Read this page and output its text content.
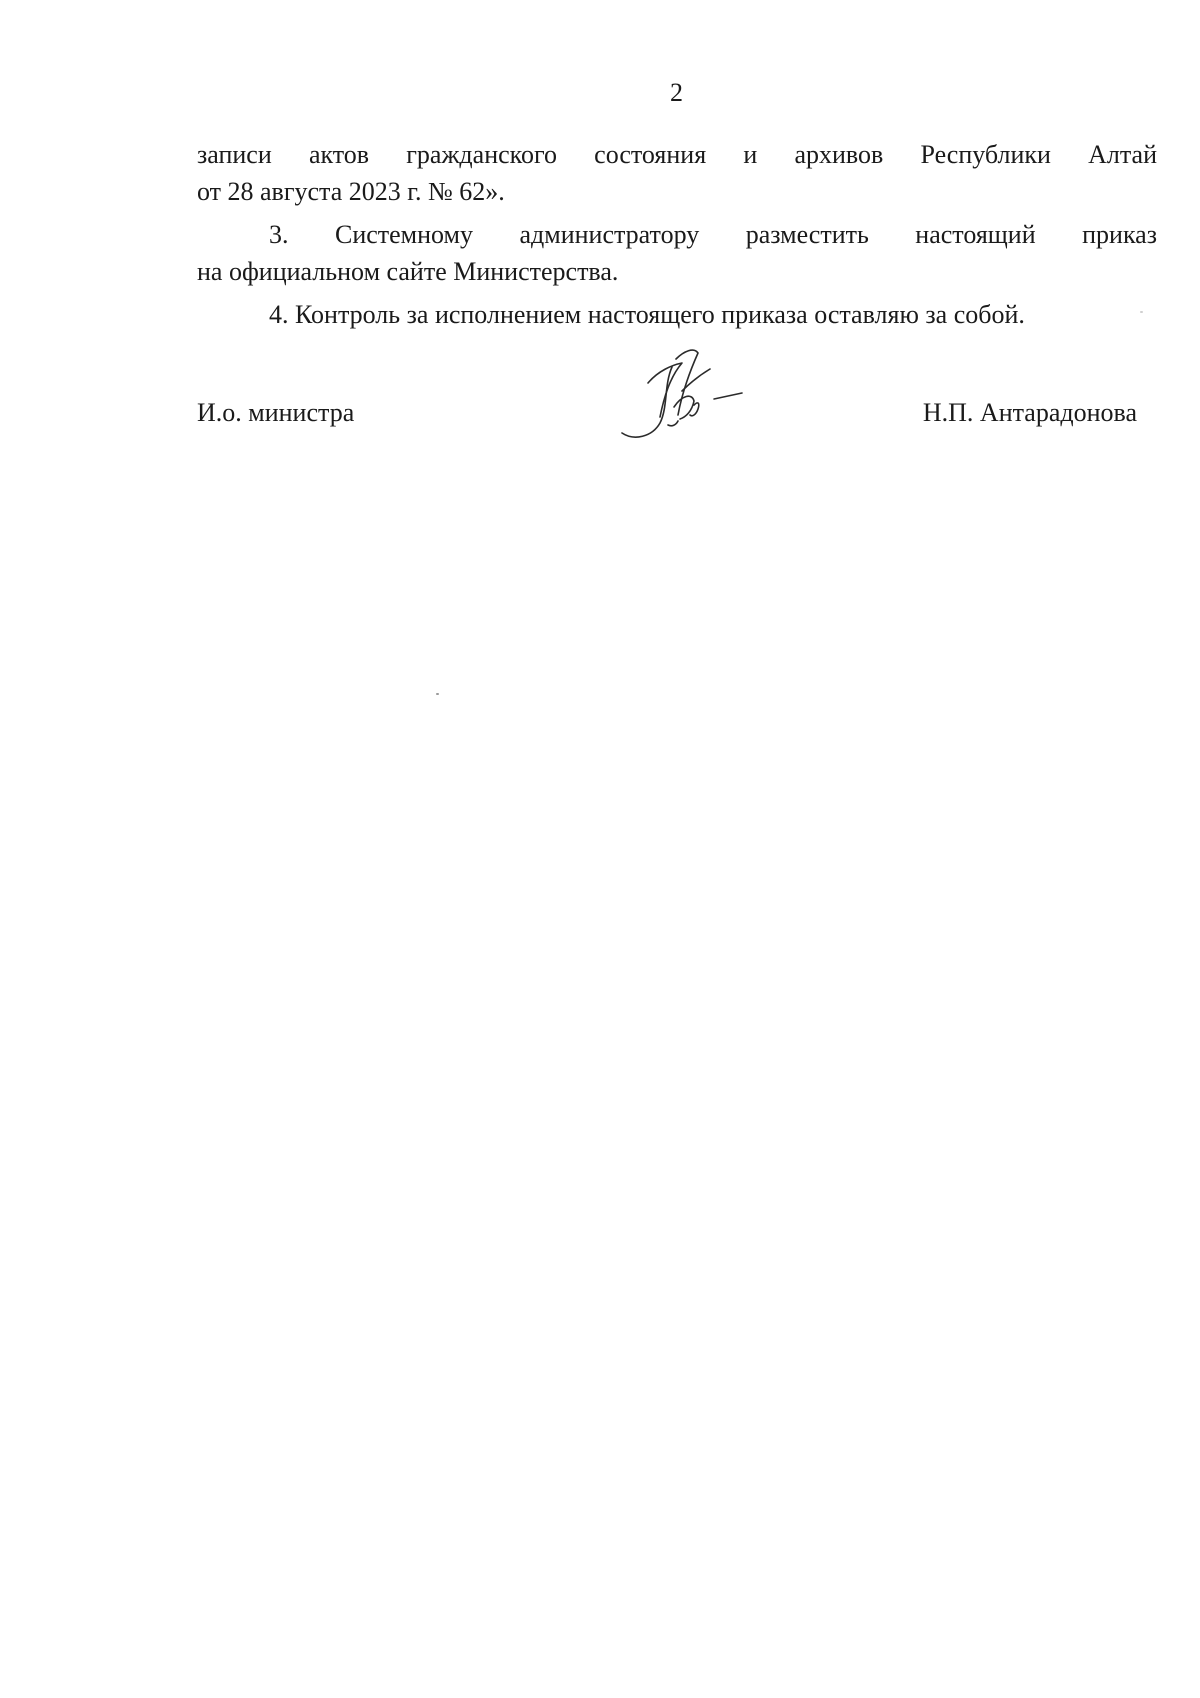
2

записи актов гражданского состояния и архивов Республики Алтай
от 28 августа 2023 г. № 62».

3. Системному администратору разместить настоящий приказ
на официальном сайте Министерства.

4. Контроль за исполнением настоящего приказа оставляю за собой.

И.о. министра	Н.П. Антарадонова
